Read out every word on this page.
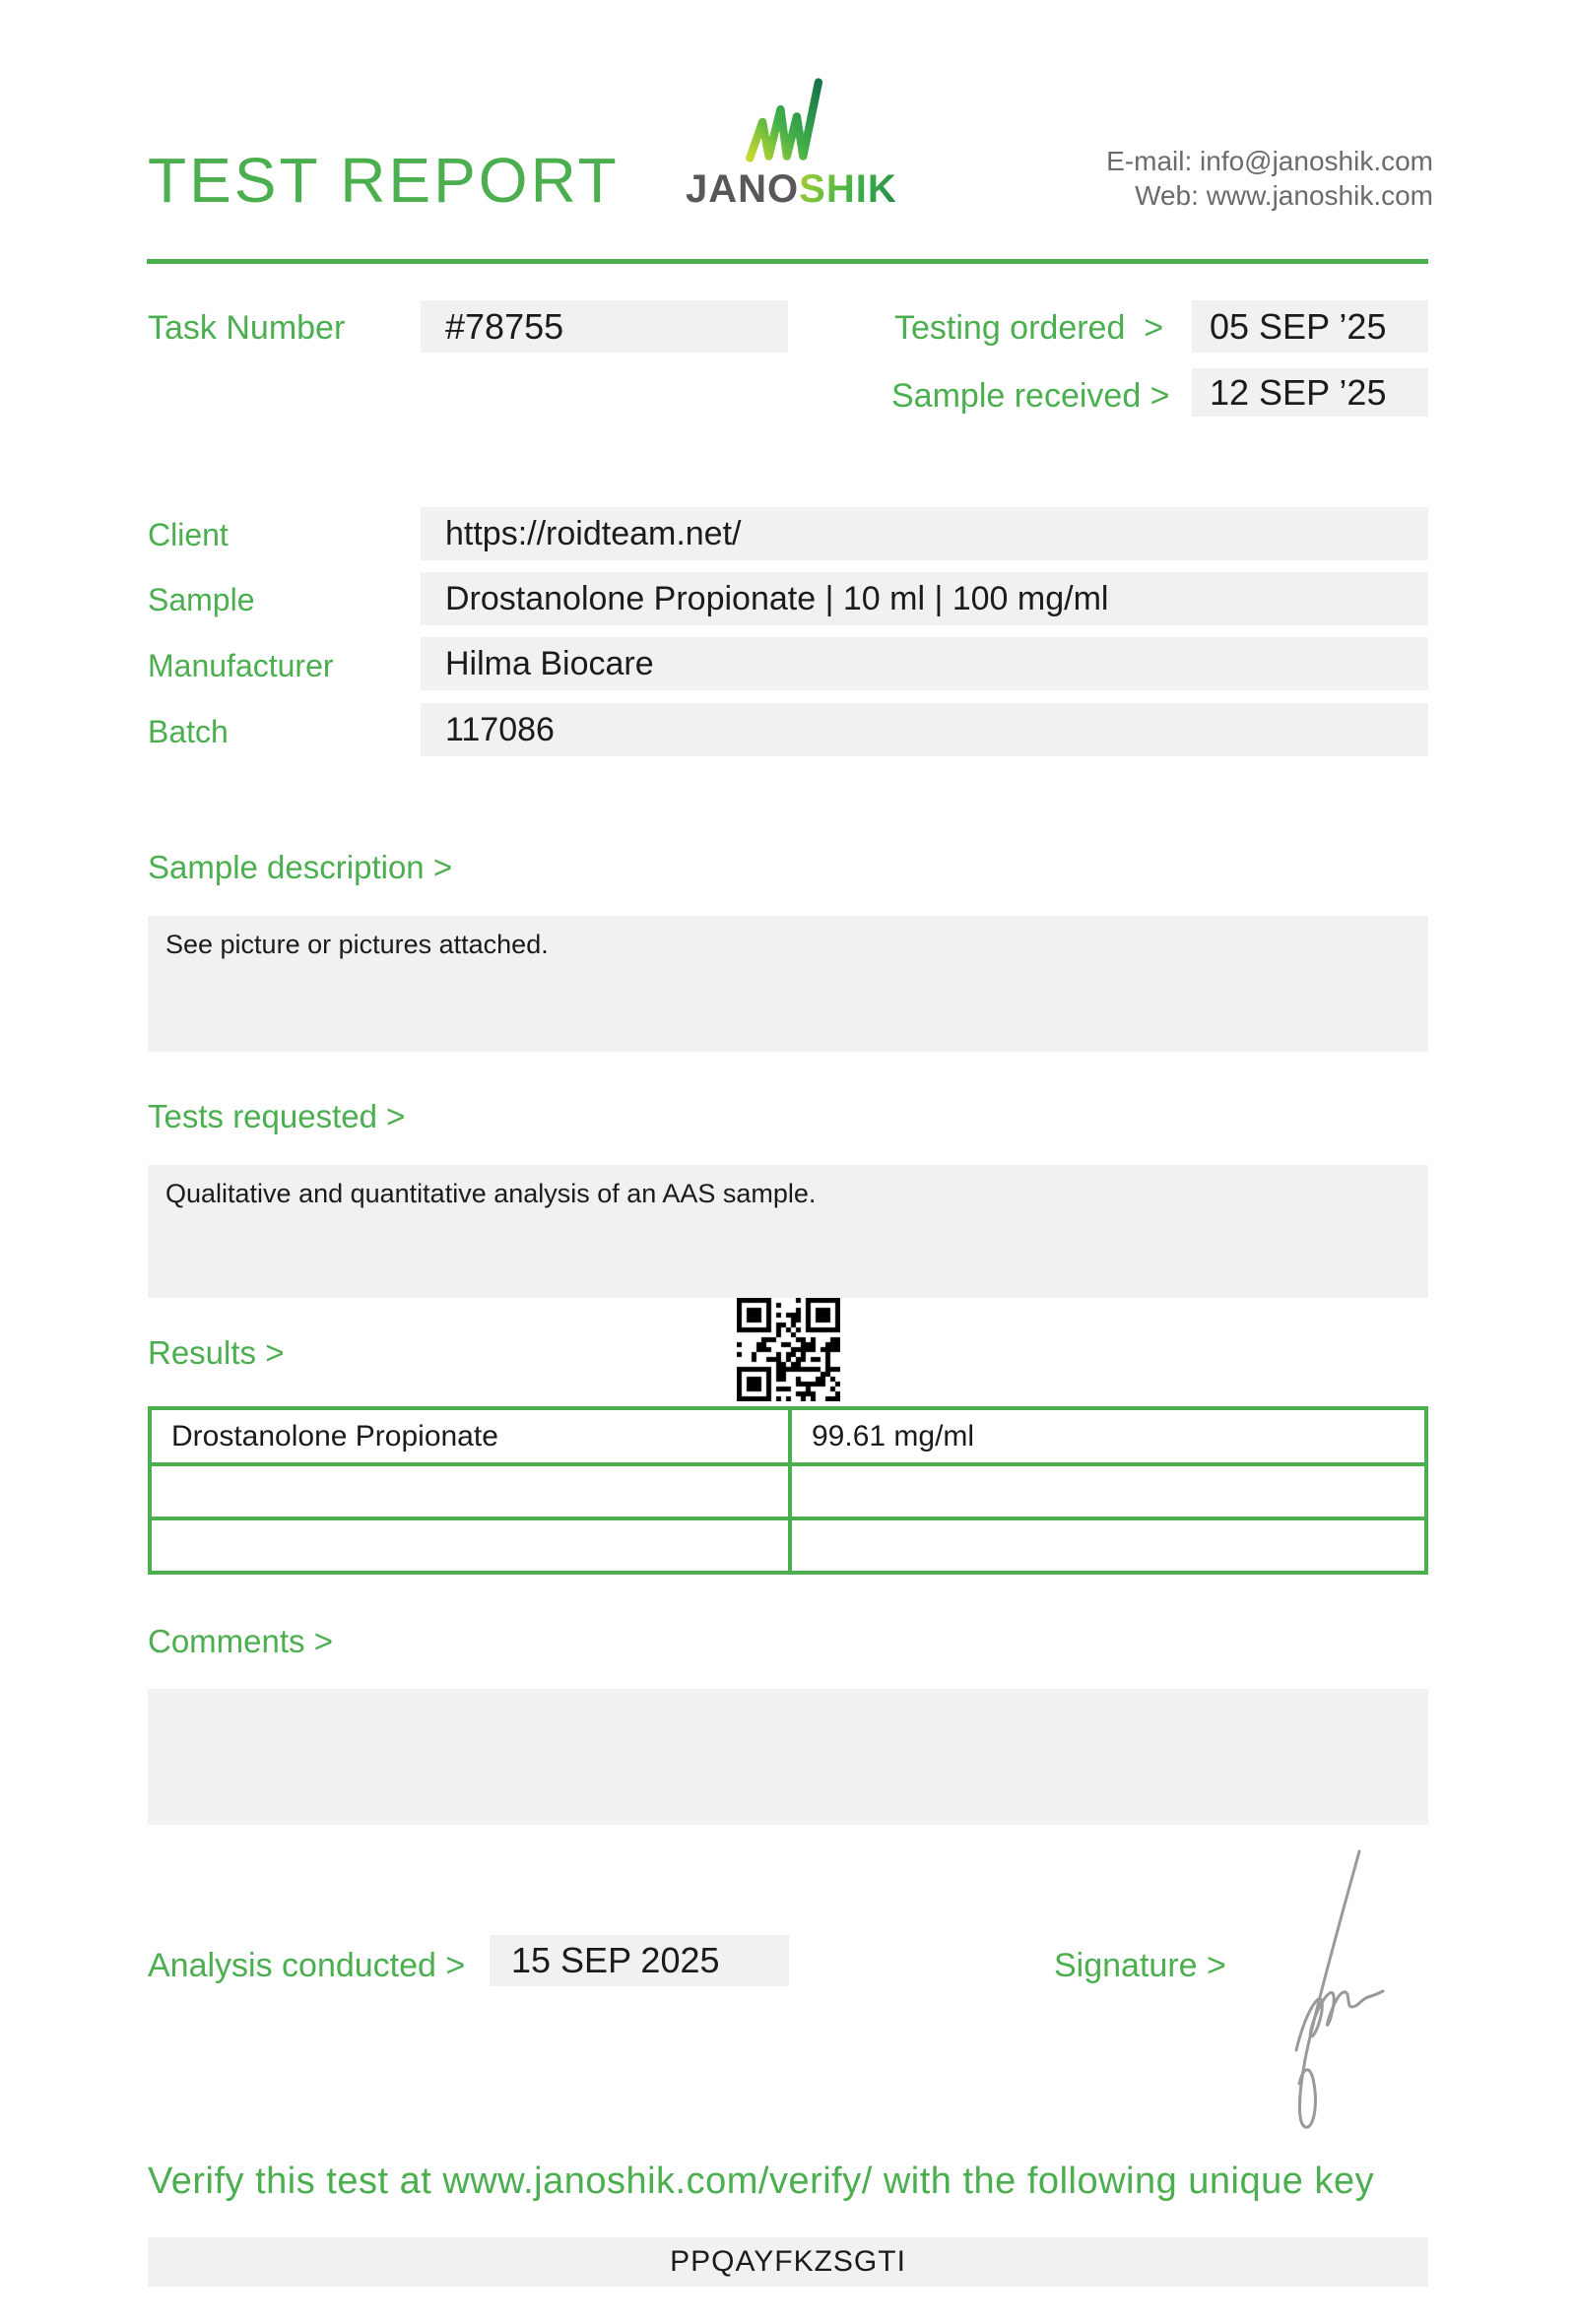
TEST REPORT JANOSHIK
E-mail: info@janoshik.com
Web: www.janoshik.com
Task Number	#78755	Testing ordered  >	05 SEP ’25
Sample received >	12 SEP ’25
Client	https://roidteam.net/
Sample	Drostanolone Propionate | 10 ml | 100 mg/ml
Manufacturer	Hilma Biocare
Batch	117086
Sample description >
See picture or pictures attached.
Tests requested >
Qualitative and quantitative analysis of an AAS sample.
Results >
Drostanolone Propionate	99.61 mg/ml

Comments >
Analysis conducted >	15 SEP 2025	Signature >
Verify this test at www.janoshik.com/verify/ with the following unique key
PPQAYFKZSGTI
